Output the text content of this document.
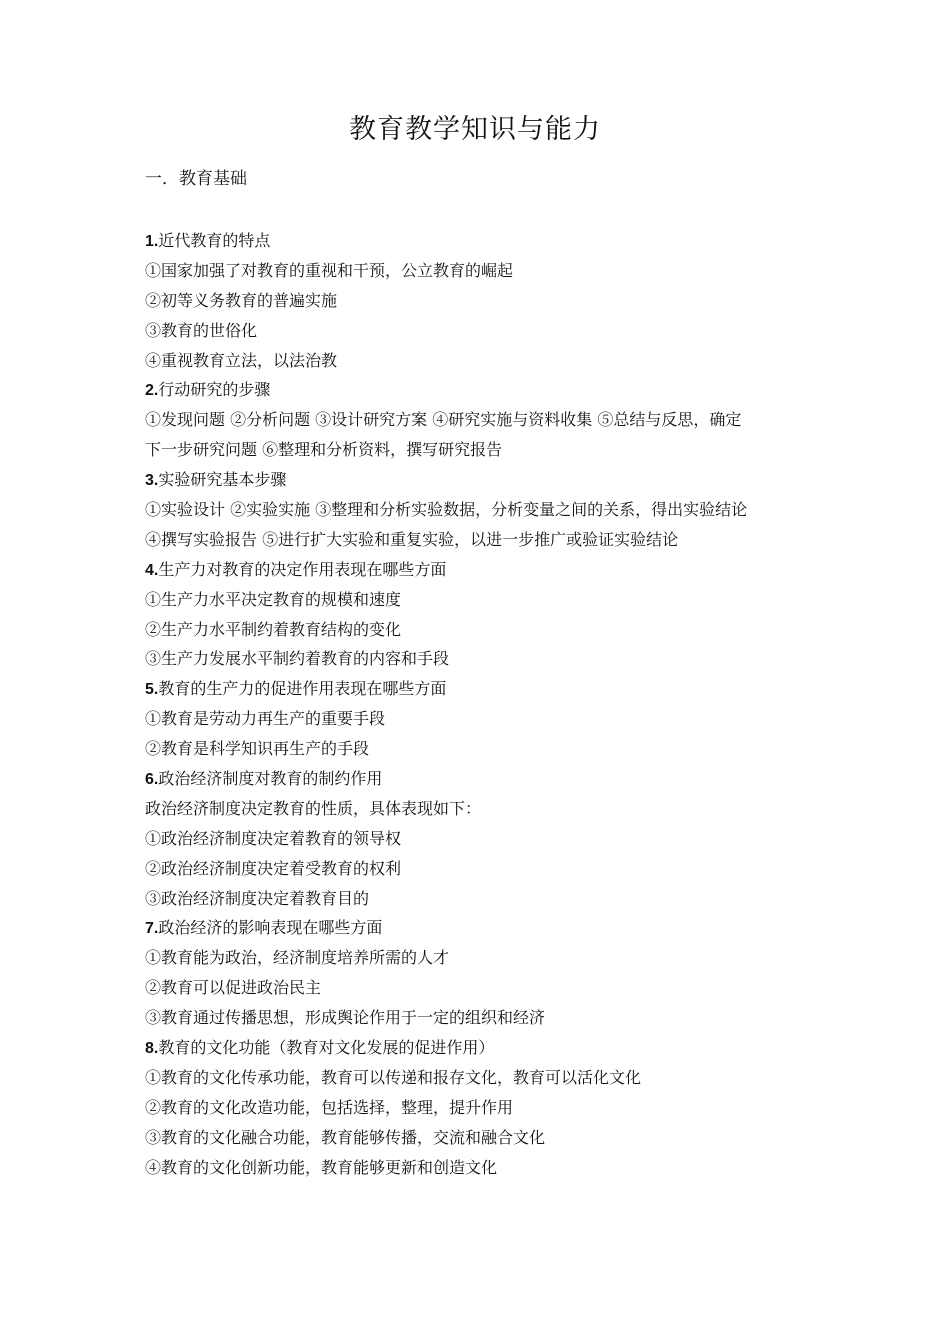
教育教学知识与能力
一．教育基础
1.近代教育的特点
①国家加强了对教育的重视和干预，公立教育的崛起
②初等义务教育的普遍实施
③教育的世俗化
④重视教育立法，以法治教
2.行动研究的步骤
①发现问题 ②分析问题 ③设计研究方案 ④研究实施与资料收集 ⑤总结与反思，确定
下一步研究问题 ⑥整理和分析资料，撰写研究报告
3.实验研究基本步骤
①实验设计 ②实验实施 ③整理和分析实验数据，分析变量之间的关系，得出实验结论
④撰写实验报告 ⑤进行扩大实验和重复实验，以进一步推广或验证实验结论
4.生产力对教育的决定作用表现在哪些方面
①生产力水平决定教育的规模和速度
②生产力水平制约着教育结构的变化
③生产力发展水平制约着教育的内容和手段
5.教育的生产力的促进作用表现在哪些方面
①教育是劳动力再生产的重要手段
②教育是科学知识再生产的手段
6.政治经济制度对教育的制约作用
政治经济制度决定教育的性质，具体表现如下：
①政治经济制度决定着教育的领导权
②政治经济制度决定着受教育的权利
③政治经济制度决定着教育目的
7.政治经济的影响表现在哪些方面
①教育能为政治，经济制度培养所需的人才
②教育可以促进政治民主
③教育通过传播思想，形成舆论作用于一定的组织和经济
8.教育的文化功能（教育对文化发展的促进作用）
①教育的文化传承功能，教育可以传递和报存文化，教育可以活化文化
②教育的文化改造功能，包括选择，整理，提升作用
③教育的文化融合功能，教育能够传播，交流和融合文化
④教育的文化创新功能，教育能够更新和创造文化
